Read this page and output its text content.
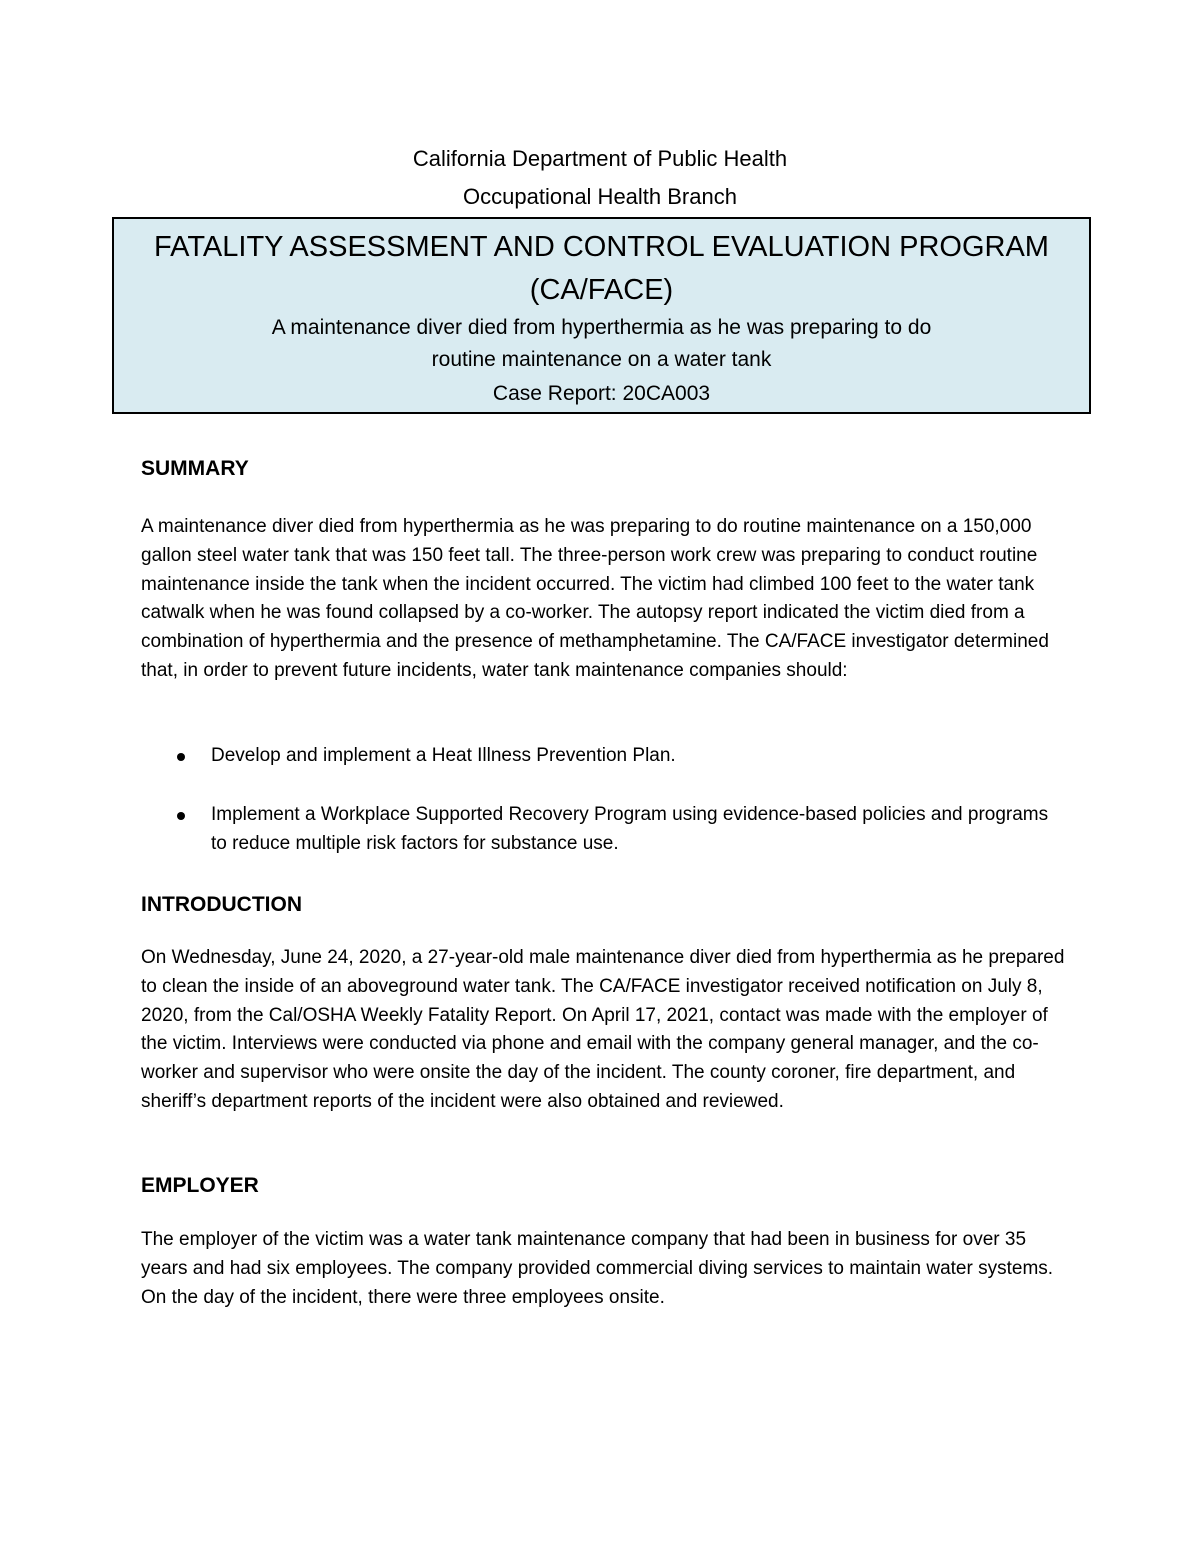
California Department of Public Health
Occupational Health Branch
FATALITY ASSESSMENT AND CONTROL EVALUATION PROGRAM
(CA/FACE)
A maintenance diver died from hyperthermia as he was preparing to do
routine maintenance on a water tank
Case Report: 20CA003
SUMMARY
A maintenance diver died from hyperthermia as he was preparing to do routine maintenance on a 150,000 gallon steel water tank that was 150 feet tall. The three-person work crew was preparing to conduct routine maintenance inside the tank when the incident occurred. The victim had climbed 100 feet to the water tank catwalk when he was found collapsed by a co-worker. The autopsy report indicated the victim died from a combination of hyperthermia and the presence of methamphetamine. The CA/FACE investigator determined that, in order to prevent future incidents, water tank maintenance companies should:
Develop and implement a Heat Illness Prevention Plan.
Implement a Workplace Supported Recovery Program using evidence-based policies and programs to reduce multiple risk factors for substance use.
INTRODUCTION
On Wednesday, June 24, 2020, a 27-year-old male maintenance diver died from hyperthermia as he prepared to clean the inside of an aboveground water tank. The CA/FACE investigator received notification on July 8, 2020, from the Cal/OSHA Weekly Fatality Report. On April 17, 2021, contact was made with the employer of the victim. Interviews were conducted via phone and email with the company general manager, and the co-worker and supervisor who were onsite the day of the incident. The county coroner, fire department, and sheriff’s department reports of the incident were also obtained and reviewed.
EMPLOYER
The employer of the victim was a water tank maintenance company that had been in business for over 35 years and had six employees. The company provided commercial diving services to maintain water systems. On the day of the incident, there were three employees onsite.
